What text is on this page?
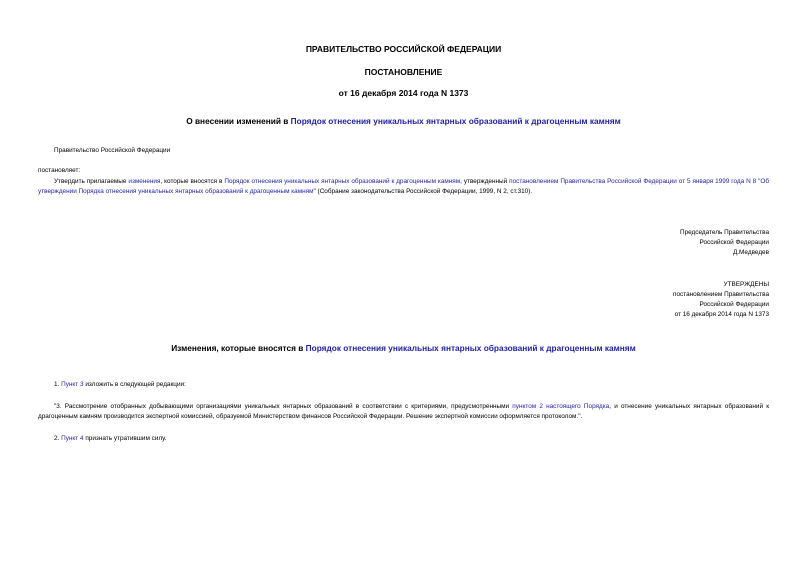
ПРАВИТЕЛЬСТВО РОССИЙСКОЙ ФЕДЕРАЦИИ
ПОСТАНОВЛЕНИЕ
от 16 декабря 2014 года N 1373
О внесении изменений в Порядок отнесения уникальных янтарных образований к драгоценным камням
Правительство Российской Федерации
постановляет:
Утвердить прилагаемые изменения, которые вносятся в Порядок отнесения уникальных янтарных образований к драгоценным камням, утвержденный постановлением Правительства Российской Федерации от 5 января 1999 года N 8 "Об утверждении Порядка отнесения уникальных янтарных образований к драгоценным камням" (Собрание законодательства Российской Федерации, 1999, N 2, ст.310).
Председатель Правительства
Российской Федерации
Д.Медведев
УТВЕРЖДЕНЫ
постановлением Правительства
Российской Федерации
от 16 декабря 2014 года N 1373
Изменения, которые вносятся в Порядок отнесения уникальных янтарных образований к драгоценным камням
1. Пункт 3 изложить в следующей редакции:
"3. Рассмотрение отобранных добывающими организациями уникальных янтарных образований в соответствии с критериями, предусмотренными пунктом 2 настоящего Порядка, и отнесение уникальных янтарных образований к драгоценным камням производится экспертной комиссией, образуемой Министерством финансов Российской Федерации. Решение экспертной комиссии оформляется протоколом.".
2. Пункт 4 признать утратившим силу.
